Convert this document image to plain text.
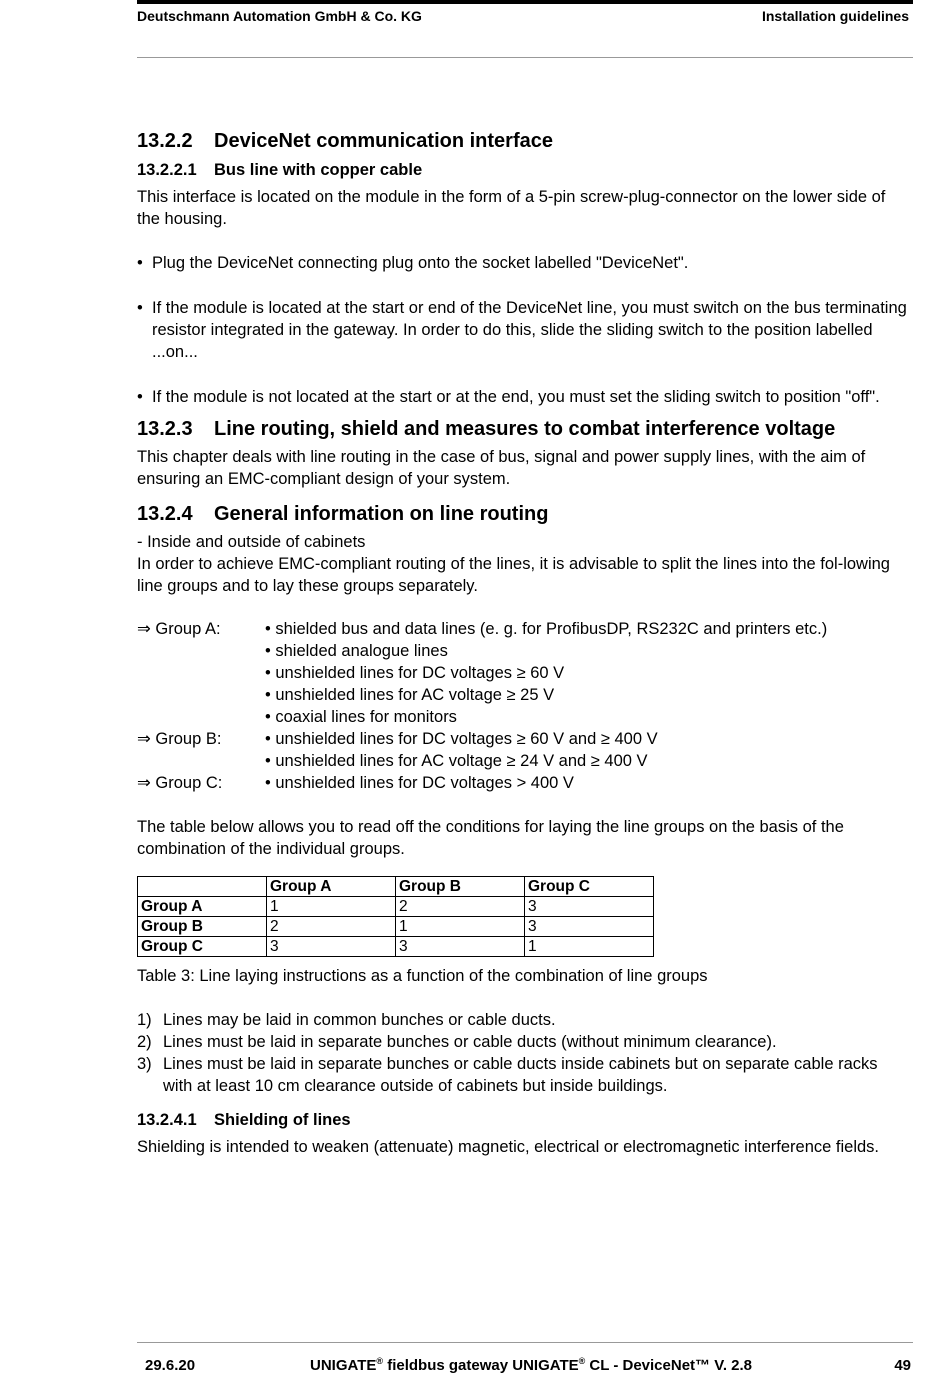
Deutschmann Automation GmbH & Co. KG	Installation guidelines
13.2.2 DeviceNet communication interface
13.2.2.1 Bus line with copper cable

This interface is located on the module in the form of a 5-pin screw-plug-connector on the lower side of the housing.

• Plug the DeviceNet connecting plug onto the socket labelled "DeviceNet".

• If the module is located at the start or end of the DeviceNet line, you must switch on the bus terminating resistor integrated in the gateway. In order to do this, slide the sliding switch to the position labelled ...on...

• If the module is not located at the start or at the end, you must set the sliding switch to position "off".

13.2.3 Line routing, shield and measures to combat interference voltage

This chapter deals with line routing in the case of bus, signal and power supply lines, with the aim of ensuring an EMC-compliant design of your system.

13.2.4 General information on line routing

- Inside and outside of cabinets

In order to achieve EMC-compliant routing of the lines, it is advisable to split the lines into the fol-lowing line groups and to lay these groups separately.

⇒ Group A:	• shielded bus and data lines (e. g. for ProfibusDP, RS232C and printers etc.)
• shielded analogue lines
• unshielded lines for DC voltages ≥ 60 V
• unshielded lines for AC voltage ≥ 25 V
• coaxial lines for monitors
⇒ Group B:	• unshielded lines for DC voltages ≥ 60 V and ≥ 400 V
• unshielded lines for AC voltage ≥ 24 V and ≥ 400 V
⇒ Group C:	• unshielded lines for DC voltages > 400 V

The table below allows you to read off the conditions for laying the line groups on the basis of the combination of the individual groups.

	Group A	Group B	Group C
Group A	1	2	3
Group B	2	1	3
Group C	3	3	1

Table 3: Line laying instructions as a function of the combination of line groups

1) Lines may be laid in common bunches or cable ducts.
2) Lines must be laid in separate bunches or cable ducts (without minimum clearance).
3) Lines must be laid in separate bunches or cable ducts inside cabinets but on separate cable racks with at least 10 cm clearance outside of cabinets but inside buildings.
13.2.4.1 Shielding of lines

Shielding is intended to weaken (attenuate) magnetic, electrical or electromagnetic interference fields.

29.6.20	UNIGATE® fieldbus gateway UNIGATE® CL - DeviceNet™ V. 2.8	49
